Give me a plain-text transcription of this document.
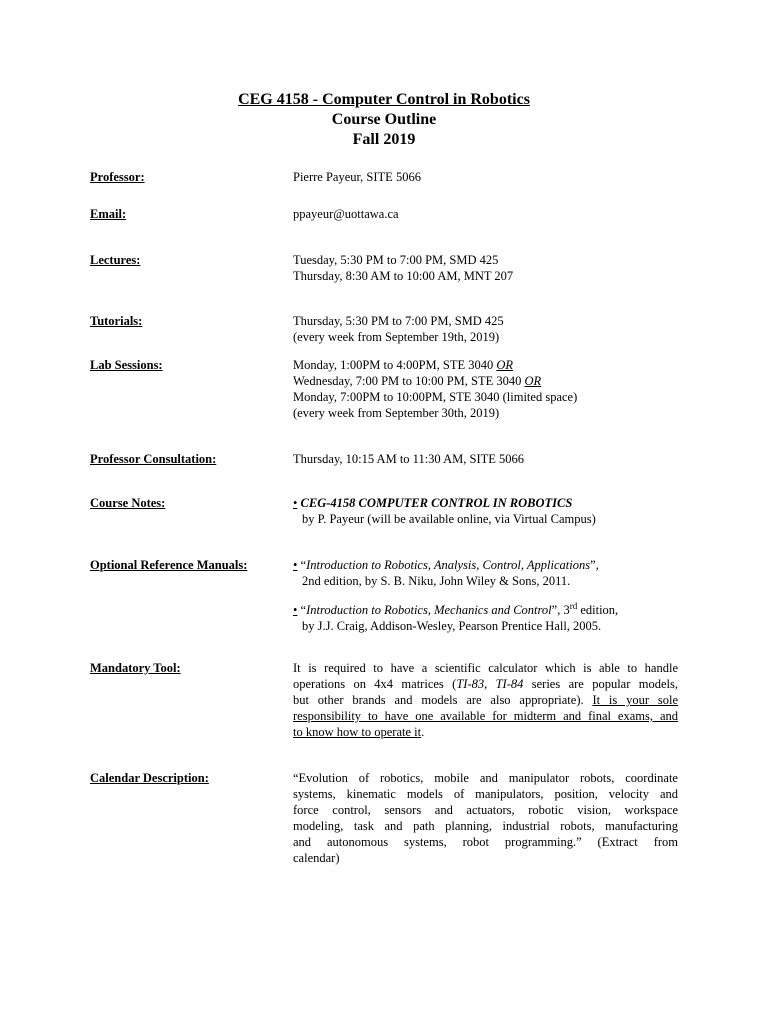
CEG 4158 - Computer Control in Robotics
Course Outline
Fall 2019
Professor:	Pierre Payeur, SITE 5066
Email:	ppayeur@uottawa.ca
Lectures:	Tuesday, 5:30 PM to 7:00 PM, SMD 425
Thursday, 8:30 AM to 10:00 AM, MNT 207
Tutorials:	Thursday, 5:30 PM to 7:00 PM, SMD 425
(every week from September 19th, 2019)
Lab Sessions:	Monday, 1:00PM to 4:00PM, STE 3040 OR
Wednesday, 7:00 PM to 10:00 PM, STE 3040 OR
Monday, 7:00PM to 10:00PM, STE 3040 (limited space)
(every week from September 30th, 2019)
Professor Consultation:	Thursday, 10:15 AM to 11:30 AM, SITE 5066
Course Notes:	• CEG-4158 COMPUTER CONTROL IN ROBOTICS
by P. Payeur (will be available online, via Virtual Campus)
Optional Reference Manuals:	• “Introduction to Robotics, Analysis, Control, Applications”,
2nd edition, by S. B. Niku, John Wiley & Sons, 2011.
• “Introduction to Robotics, Mechanics and Control”, 3rd edition,
by J.J. Craig, Addison-Wesley, Pearson Prentice Hall, 2005.
Mandatory Tool:	It is required to have a scientific calculator which is able to handle
operations on 4x4 matrices (TI-83, TI-84 series are popular models,
but other brands and models are also appropriate). It is your sole
responsibility to have one available for midterm and final exams, and
to know how to operate it.
Calendar Description:	“Evolution of robotics, mobile and manipulator robots, coordinate
systems, kinematic models of manipulators, position, velocity and
force control, sensors and actuators, robotic vision, workspace
modeling, task and path planning, industrial robots, manufacturing
and autonomous systems, robot programming.” (Extract from
calendar)
